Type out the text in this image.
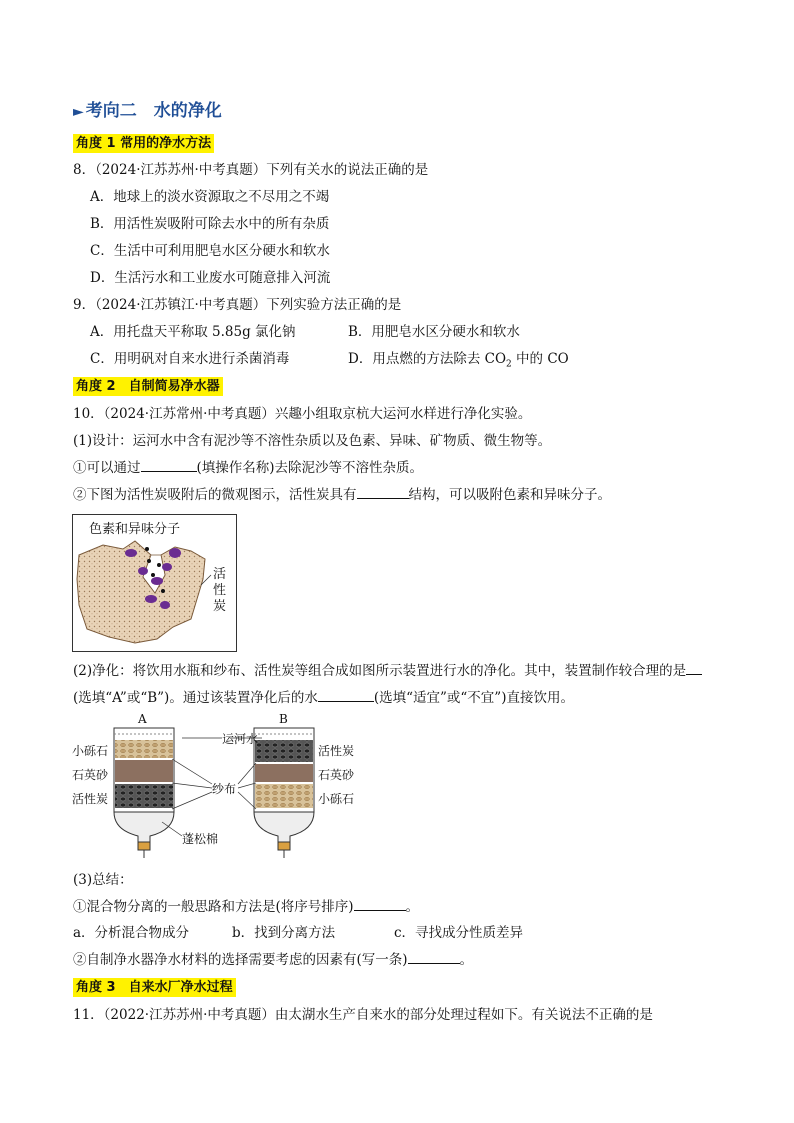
► 考向二　水的净化
角度 1 常用的净水方法
8．（2024·江苏苏州·中考真题）下列有关水的说法正确的是
A．地球上的淡水资源取之不尽用之不竭
B．用活性炭吸附可除去水中的所有杂质
C．生活中可利用肥皂水区分硬水和软水
D．生活污水和工业废水可随意排入河流
9．（2024·江苏镇江·中考真题）下列实验方法正确的是
A．用托盘天平称取 5.85g 氯化钠	B．用肥皂水区分硬水和软水
C．用明矾对自来水进行杀菌消毒	D．用点燃的方法除去 $CO_2$ 中的 CO
角度 2　自制简易净水器
10．（2024·江苏常州·中考真题）兴趣小组取京杭大运河水样进行净化实验。
(1)设计：运河水中含有泥沙等不溶性杂质以及色素、异味、矿物质、微生物等。
①可以通过	(填操作名称)去除泥沙等不溶性杂质。
②下图为活性炭吸附后的微观图示，活性炭具有	结构，可以吸附色素和异味分子。
色素和异味分子
活性炭
(2)净化：将饮用水瓶和纱布、活性炭等组合成如图所示装置进行水的净化。其中，装置制作较合理的是
(选填“A”或“B”)。通过该装置净化后的水	(选填“适宜”或“不宜”)直接饮用。
A	B
运河水
小砾石
石英砂
活性炭
纱布
蓬松棉
活性炭
石英砂
小砾石
(3)总结：
①混合物分离的一般思路和方法是(将序号排序)	。
a．分析混合物成分	b．找到分离方法	c．寻找成分性质差异
②自制净水器净水材料的选择需要考虑的因素有(写一条)	。
角度 3　自来水厂净水过程
11．（2022·江苏苏州·中考真题）由太湖水生产自来水的部分处理过程如下。有关说法不正确的是
